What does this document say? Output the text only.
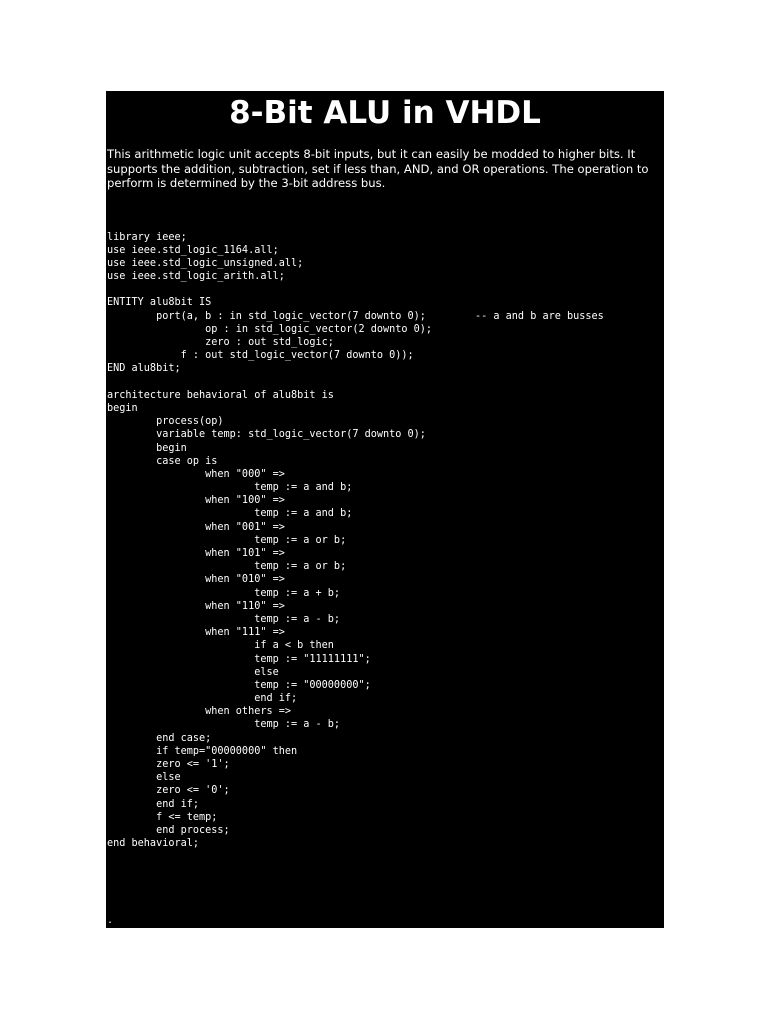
8-Bit ALU in VHDL

This arithmetic logic unit accepts 8-bit inputs, but it can easily be modded to higher bits. It supports the addition, subtraction, set if less than, AND, and OR operations. The operation to perform is determined by the 3-bit address bus.

library ieee;
use ieee.std_logic_1164.all;
use ieee.std_logic_unsigned.all;
use ieee.std_logic_arith.all;
ENTITY alu8bit IS
port(a, b : in std_logic_vector(7 downto 0);        -- a and b are busses
op : in std_logic_vector(2 downto 0);
zero : out std_logic;
f : out std_logic_vector(7 downto 0));
END alu8bit;
architecture behavioral of alu8bit is
begin
process(op)
variable temp: std_logic_vector(7 downto 0);
begin
case op is
when "000" =>
temp := a and b;
when "100" =>
temp := a and b;
when "001" =>
temp := a or b;
when "101" =>
temp := a or b;
when "010" =>
temp := a + b;
when "110" =>
temp := a - b;
when "111" =>
if a < b then
temp := "11111111";
else
temp := "00000000";
end if;
when others =>
temp := a - b;
end case;
if temp="00000000" then
zero <= '1';
else
zero <= '0';
end if;
f <= temp;
end process;
end behavioral;
.
